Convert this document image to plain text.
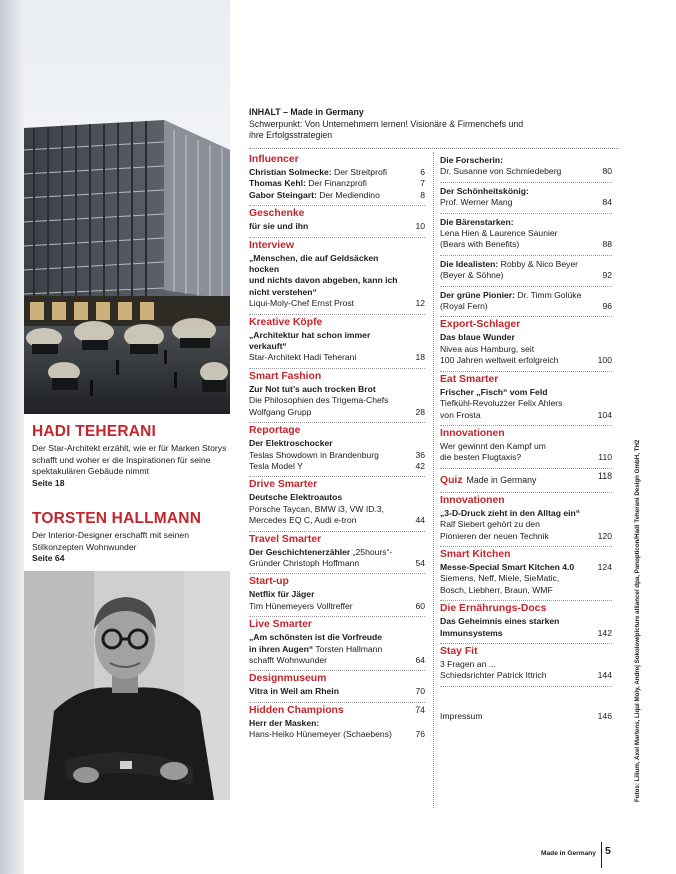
HADI TEHERANI
Der Star-Architekt erzählt, wie er für Marken Storys schafft und woher er die Inspirationen für seine spektakulären Gebäude nimmt
Seite 18
TORSTEN HALLMANN
Der Interior-Designer erschafft mit seinen Stilkonzepten Wohnwunder
Seite 64
INHALT – Made in Germany
Schwerpunkt: Von Unternehmern lernen! Visionäre & Firmenchefs und
ihre Erfolgsstrategien
Influencer
Christian Solmecke: Der Streitprofi	6
Thomas Kehl: Der Finanzprofi	7
Gabor Steingart: Der Mediendino	8
Geschenke
für sie und ihn	10
Interview
„Menschen, die auf Geldsäcken hocken
und nichts davon abgeben, kann ich
nicht verstehen“
Liqui-Moly-Chef Ernst Prost	12
Kreative Köpfe
„Architektur hat schon immer verkauft“
Star-Architekt Hadi Teherani	18
Smart Fashion
Zur Not tut’s auch trocken Brot
Die Philosophien des Trigema-Chefs
Wolfgang Grupp	28
Reportage
Der Elektroschocker
Teslas Showdown in Brandenburg	36
Tesla Model Y	42
Drive Smarter
Deutsche Elektroautos
Porsche Taycan, BMW i3, VW ID.3,
Mercedes EQ C, Audi e-tron	44
Travel Smarter
Der Geschichtenerzähler „25hours“-
Gründer Christoph Hoffmann	54
Start-up
Netflix für Jäger
Tim Hünemeyers Volltreffer	60
Live Smarter
„Am schönsten ist die Vorfreude
in ihren Augen“ Torsten Hallmann
schafft Wohnwunder	64
Designmuseum
Vitra in Weil am Rhein	70
Hidden Champions	74
Herr der Masken:
Hans-Heiko Hünemeyer (Schaebens)	76
Die Forscherin:
Dr. Susanne von Schmiedeberg	80
Der Schönheitskönig:
Prof. Werner Mang	84
Die Bärenstarken:
Lena Hien & Laurence Saunier
(Bears with Benefits)	88
Die Idealisten: Robby & Nico Beyer
(Beyer & Söhne)	92
Der grüne Pionier: Dr. Timm Golüke
(Royal Fern)	96
Export-Schlager
Das blaue Wunder
Nivea aus Hamburg, seit
100 Jahren weltweit erfolgreich	100
Eat Smarter
Frischer „Fisch“ vom Feld
Tiefkühl-Revoluzzer Felix Ahlers
von Frosta	104
Innovationen
Wer gewinnt den Kampf um
die besten Flugtaxis?	110
Quiz Made in Germany	118
Innovationen
„3-D-Druck zieht in den Alltag ein“
Ralf Siebert gehört zu den
Pionieren der neuen Technik	120
Smart Kitchen
Messe-Special Smart Kitchen 4.0	124
Siemens, Neff, Miele, SieMatic,
Bosch, Liebherr, Braun, WMF
Die Ernährungs-Docs
Das Geheimnis eines starken
Immunsystems	142
Stay Fit
3 Fragen an ...
Schiedsrichter Patrick Ittrich	144
Impressum	146
Made in Germany 5
Fotos: Lilium, Axel Martens, Liqui Moly, Andrej Sokolow/picture alliance/ dpa, Panopticon/Hadi Teherani Design GmbH, TH2
